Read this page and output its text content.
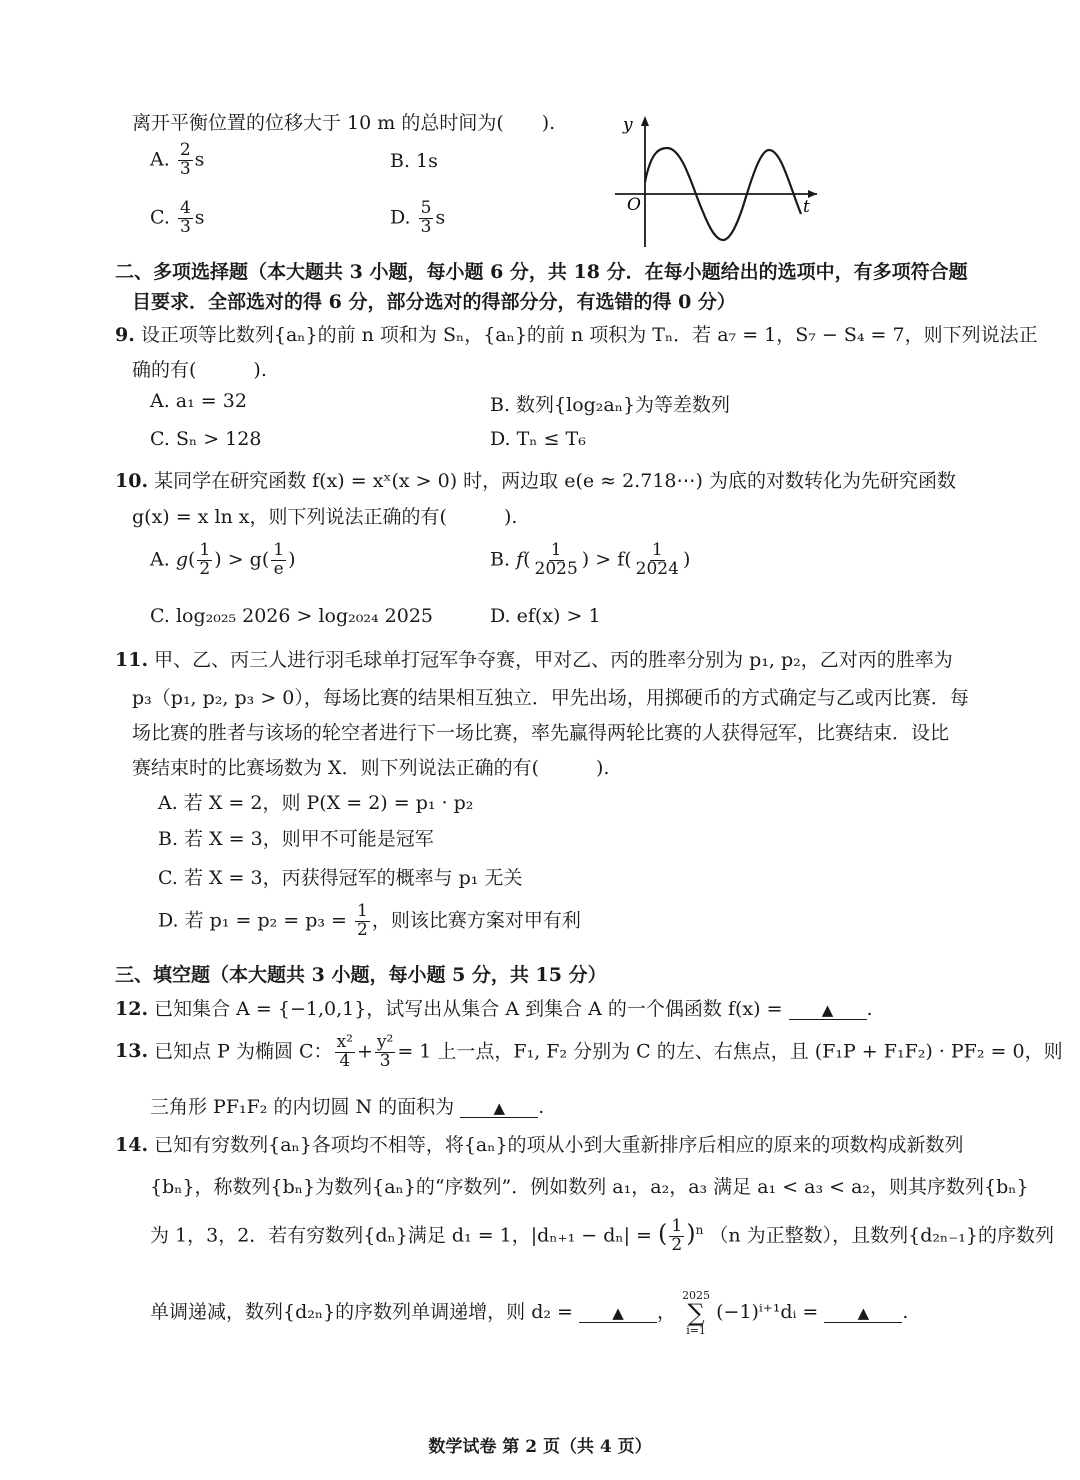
离开平衡位置的位移大于 10 m 的总时间为(　　).
A. $\frac{2}{3}$ s	B. 1s
C. $\frac{4}{3}$ s	D. $\frac{5}{3}$ s
y
O	t
二、多项选择题（本大题共 3 小题，每小题 6 分，共 18 分．在每小题给出的选项中，有多项符合题
目要求．全部选对的得 6 分，部分选对的得部分分，有选错的得 0 分）
9. 设正项等比数列{aₙ}的前 n 项和为 Sₙ，{aₙ}的前 n 项积为 Tₙ．若 a₇ = 1，S₇ − S₄ = 7，则下列说法正
确的有(　　　).
A. a₁ = 32	B. 数列{log₂aₙ}为等差数列
C. Sₙ > 128	D. Tₙ ≤ T₆
10. 某同学在研究函数 f(x) = xˣ(x > 0) 时，两边取 e(e ≈ 2.718⋯) 为底的对数转化为先研究函数
g(x) = x ln x，则下列说法正确的有(　　　).
A. $g( \frac{1}{2}$ ) > $g( \frac{1}{e}$ )	B. $f( \frac{1}{2025}$ ) > $f( \frac{1}{2024}$ )
C. log₂₀₂₅ 2026 > log₂₀₂₄ 2025	D. ef(x) > 1
11. 甲、乙、丙三人进行羽毛球单打冠军争夺赛，甲对乙、丙的胜率分别为 p₁, p₂，乙对丙的胜率为
p₃（p₁, p₂, p₃ > 0），每场比赛的结果相互独立．甲先出场，用掷硬币的方式确定与乙或丙比赛．每
场比赛的胜者与该场的轮空者进行下一场比赛，率先赢得两轮比赛的人获得冠军，比赛结束．设比
赛结束时的比赛场数为 X．则下列说法正确的有(　　　).
A. 若 X = 2，则 P(X = 2) = p₁ · p₂
B. 若 X = 3，则甲不可能是冠军
C. 若 X = 3，丙获得冠军的概率与 p₁ 无关
D. 若 $p_1 = p_2 = p_3 = \frac{1}{2}$ ，则该比赛方案对甲有利
三、填空题（本大题共 3 小题，每小题 5 分，共 15 分）
12. 已知集合 A = {−1,0,1}，试写出从集合 A 到集合 A 的一个偶函数 f(x) =	▲ .
13. 已知点 P 为椭圆 C： $\frac{\text{x²}}{4} + \frac{\text{y²}}{3} = 1$ 上一点，F₁, F₂ 分别为 C 的左、右焦点，且 (F₁P + F₁F₂) · PF₂ = 0，则
三角形 PF₁F₂ 的内切圆 N 的面积为	▲ .
14. 已知有穷数列{aₙ}各项均不相等，将{aₙ}的项从小到大重新排序后相应的原来的项数构成新数列
{bₙ}，称数列{bₙ}为数列{aₙ}的“序数列”．例如数列 a₁，a₂，a₃ 满足 a₁ < a₃ < a₂，则其序数列{bₙ}
为 1，3，2．若有穷数列{dₙ}满足 d₁ = 1，|dₙ₊₁ − dₙ| = ( $\frac{1}{2} )^n$ （n 为正整数），且数列{d₂ₙ₋₁}的序数列
单调递减，数列{d₂ₙ}的序数列单调递增，则 d₂ =	▲ ，
2025
∑
i=1
(−1)ⁱ⁺¹dᵢ =	▲ .
数学试卷 第 2 页（共 4 页）
